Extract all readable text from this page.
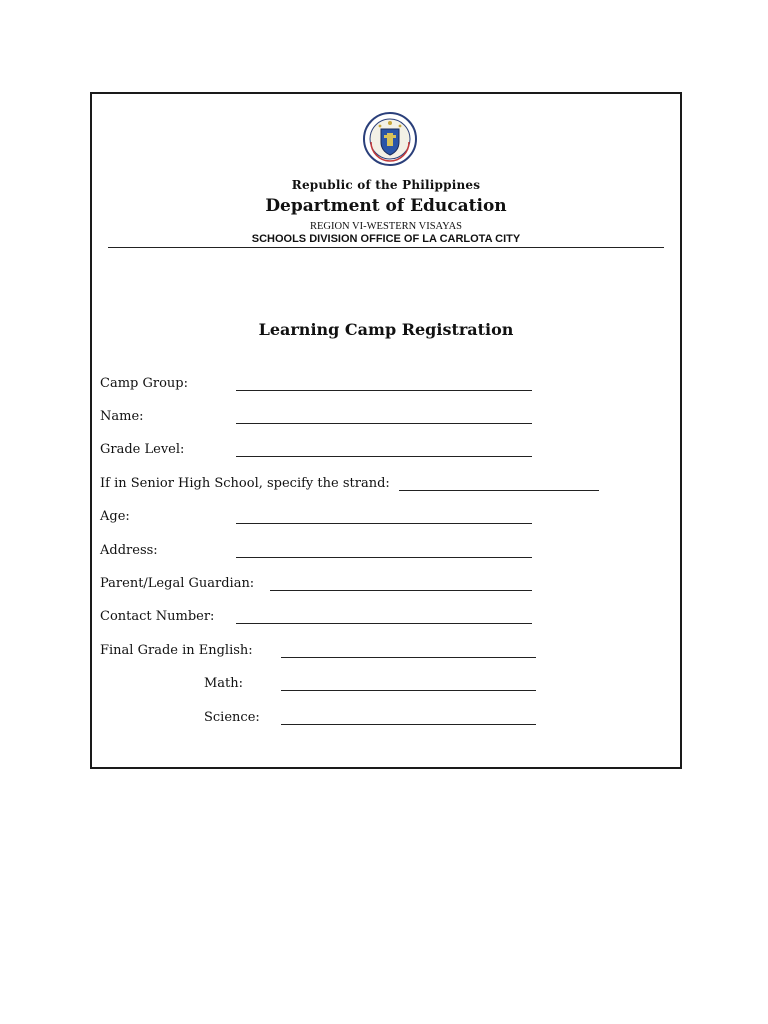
Republic of the Philippines
Department of Education
REGION VI-WESTERN VISAYAS
SCHOOLS DIVISION OFFICE OF LA CARLOTA CITY
Learning Camp Registration
Camp Group:
Name:
Grade Level:
If in Senior High School, specify the strand:
Age:
Address:
Parent/Legal Guardian:
Contact Number:
Final Grade in English:
Math:
Science:
